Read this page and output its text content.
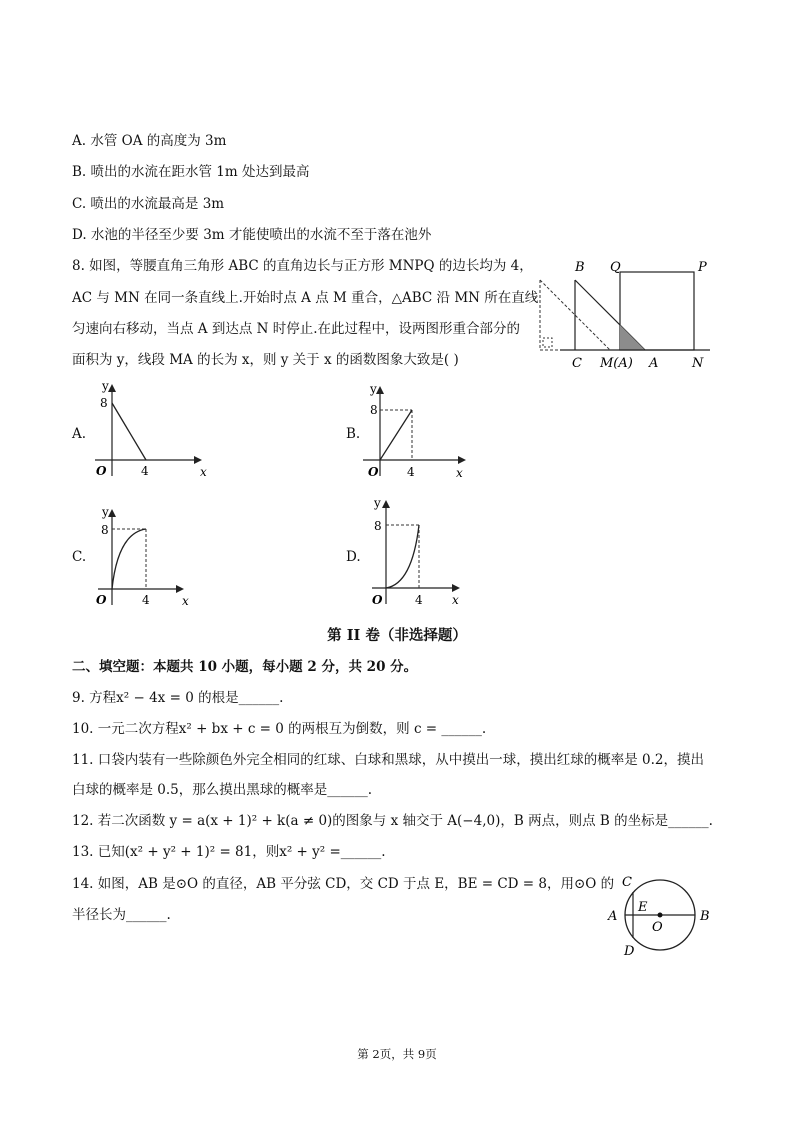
A. 水管 OA 的高度为 3m
B. 喷出的水流在距水管 1m 处达到最高
C. 喷出的水流最高是 3m
D. 水池的半径至少要 3m 才能使喷出的水流不至于落在池外
8. 如图，等腰直角三角形 ABC 的直角边长与正方形 MNPQ 的边长均为 4，
AC 与 MN 在同一条直线上.开始时点 A 点 M 重合，△ABC 沿 MN 所在直线
匀速向右移动，当点 A 到达点 N 时停止.在此过程中，设两图形重合部分的
面积为 y，线段 MA 的长为 x，则 y 关于 x 的函数图象大致是( )
B Q	P
C M(A) A	N
A.
y
x
O
8
4
B.
y
x
O
8
4
C.
y
x
O
8
4
D.
y
x
O
8
4
第 II 卷（非选择题）
二、填空题：本题共 10 小题，每小题 2 分，共 20 分。
9. 方程x² − 4x = 0 的根是______.
10. 一元二次方程x² + bx + c = 0 的两根互为倒数，则 c = ______.
11. 口袋内装有一些除颜色外完全相同的红球、白球和黑球，从中摸出一球，摸出红球的概率是 0.2，摸出
白球的概率是 0.5，那么摸出黑球的概率是______.
12. 若二次函数 y = a(x + 1)² + k(a ≠ 0)的图象与 x 轴交于 A(−4,0)，B 两点，则点 B 的坐标是______.
13. 已知(x² + y² + 1)² = 81，则x² + y² =______.
14. 如图，AB 是⊙O 的直径，AB 平分弦 CD，交 CD 于点 E，BE = CD = 8，用⊙O 的
半径长为______.	A	B
C
D
E
O
第 2页，共 9页
